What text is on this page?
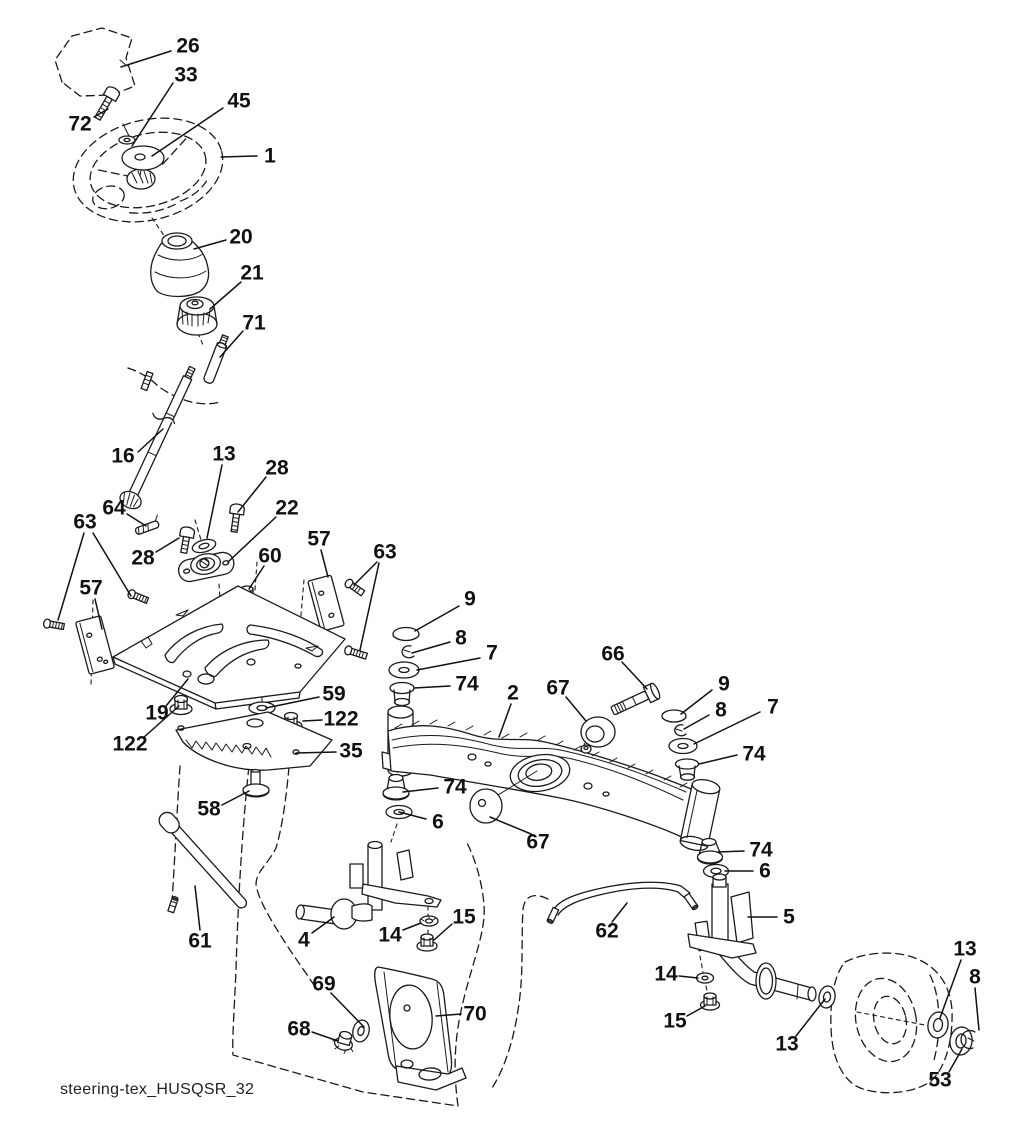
26
33
45
72
1
20
21
71
16	13
28
64
63
28
22
57
60	63
57
19
59
122
122	35
58
61	4	14
15
9
8
7
74 2 67
66
9
8 7
74
74
6
74
6
67
5
62
14
15
69
68
70
13
13
8
53
steering-tex_HUSQSR_32
